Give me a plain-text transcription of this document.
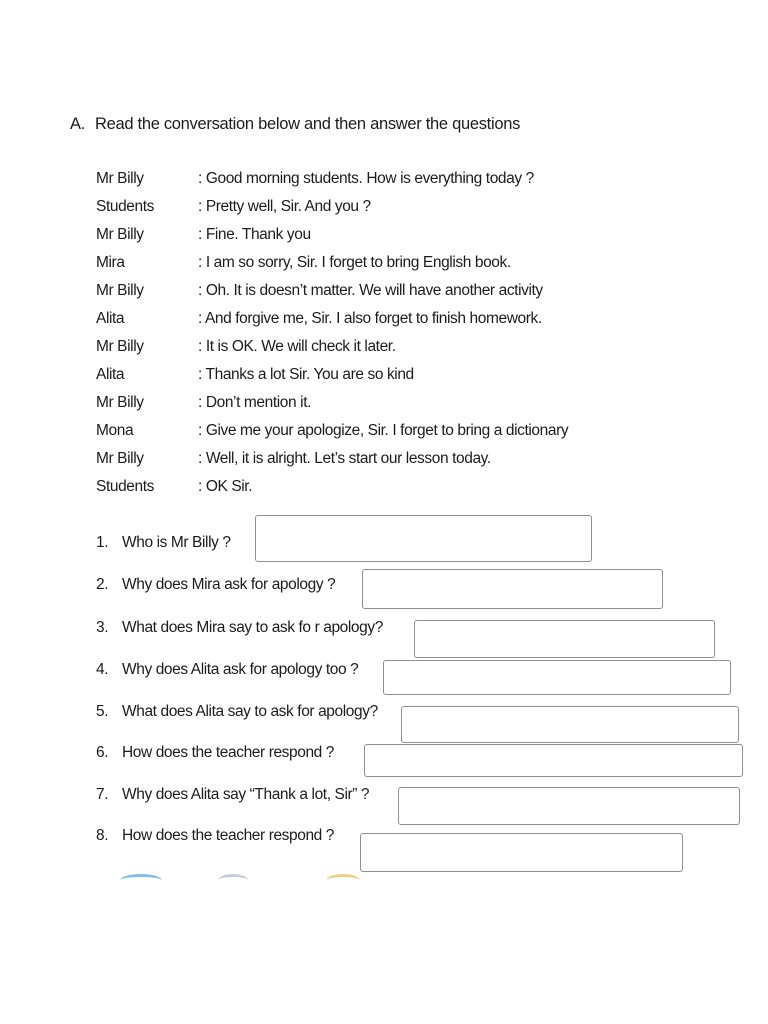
A. Read the conversation below and then answer the questions
Mr Billy	: Good morning students. How is everything today ?
Students	: Pretty well, Sir. And you ?
Mr Billy	: Fine. Thank you
Mira	: I am so sorry, Sir. I forget to bring English book.
Mr Billy	: Oh. It is doesn’t matter. We will have another activity
Alita	: And forgive me, Sir. I also forget to finish homework.
Mr Billy	: It is OK. We will check it later.
Alita	: Thanks a lot Sir. You are so kind
Mr Billy	: Don’t mention it.
Mona	: Give me your apologize, Sir. I forget to bring a dictionary
Mr Billy	: Well, it is alright. Let’s start our lesson today.
Students	: OK Sir.
1. Who is Mr Billy ?
2. Why does Mira ask for apology ?
3. What does Mira say to ask fo r apology?
4. Why does Alita ask for apology too ?
5. What does Alita say to ask for apology?
6. How does the teacher respond ?
7. Why does Alita say “Thank a lot, Sir” ?
8. How does the teacher respond ?
